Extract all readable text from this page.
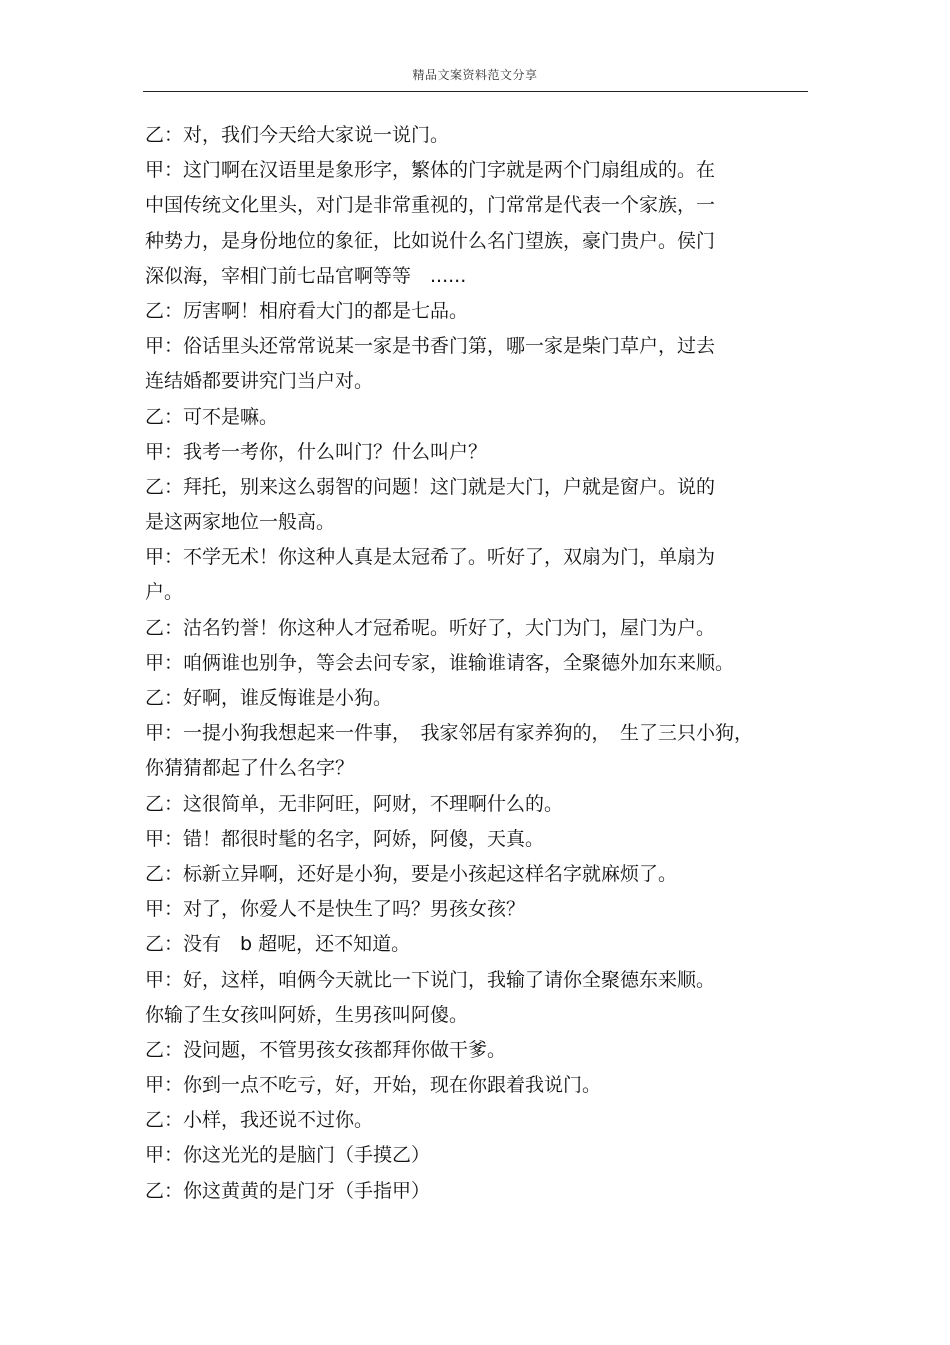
精品文案资料范文分享
乙：对，我们今天给大家说一说门。
甲：这门啊在汉语里是象形字，繁体的门字就是两个门扇组成的。在
中国传统文化里头，对门是非常重视的，门常常是代表一个家族，一
种势力，是身份地位的象征，比如说什么名门望族，豪门贵户。侯门
深似海，宰相门前七品官啊等等　......
乙：厉害啊！相府看大门的都是七品。
甲：俗话里头还常常说某一家是书香门第，哪一家是柴门草户，过去
连结婚都要讲究门当户对。
乙：可不是嘛。
甲：我考一考你，什么叫门？什么叫户？
乙：拜托，别来这么弱智的问题！这门就是大门，户就是窗户。说的
是这两家地位一般高。
甲：不学无术！你这种人真是太冠希了。听好了，双扇为门，单扇为
户。
乙：沽名钓誉！你这种人才冠希呢。听好了，大门为门，屋门为户。
甲：咱俩谁也别争，等会去问专家，谁输谁请客，全聚德外加东来顺。
乙：好啊，谁反悔谁是小狗。
甲：一提小狗我想起来一件事，　我家邻居有家养狗的，　生了三只小狗，
你猜猜都起了什么名字？
乙：这很简单，无非阿旺，阿财，不理啊什么的。
甲：错！都很时髦的名字，阿娇，阿傻，天真。
乙：标新立异啊，还好是小狗，要是小孩起这样名字就麻烦了。
甲：对了，你爱人不是快生了吗？男孩女孩？
乙：没有　b 超呢，还不知道。
甲：好，这样，咱俩今天就比一下说门，我输了请你全聚德东来顺。
你输了生女孩叫阿娇，生男孩叫阿傻。
乙：没问题，不管男孩女孩都拜你做干爹。
甲：你到一点不吃亏，好，开始，现在你跟着我说门。
乙：小样，我还说不过你。
甲：你这光光的是脑门（手摸乙）
乙：你这黄黄的是门牙（手指甲）
